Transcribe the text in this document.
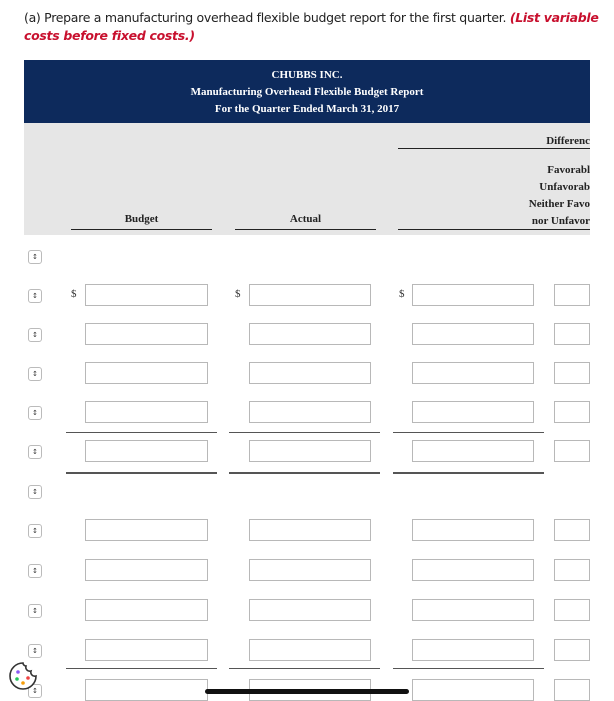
(a) Prepare a manufacturing overhead flexible budget report for the first quarter. (List variable costs before fixed costs.)
CHUBBS INC.
Manufacturing Overhead Flexible Budget Report
For the Quarter Ended March 31, 2017
Differenc
Favorabl
Unfavorab
Neither Favo
nor Unfavor
Budget	Actual
↕
↕	$	$	$
↕
↕
↕
↕
↕
↕
↕
↕
↕
↕
